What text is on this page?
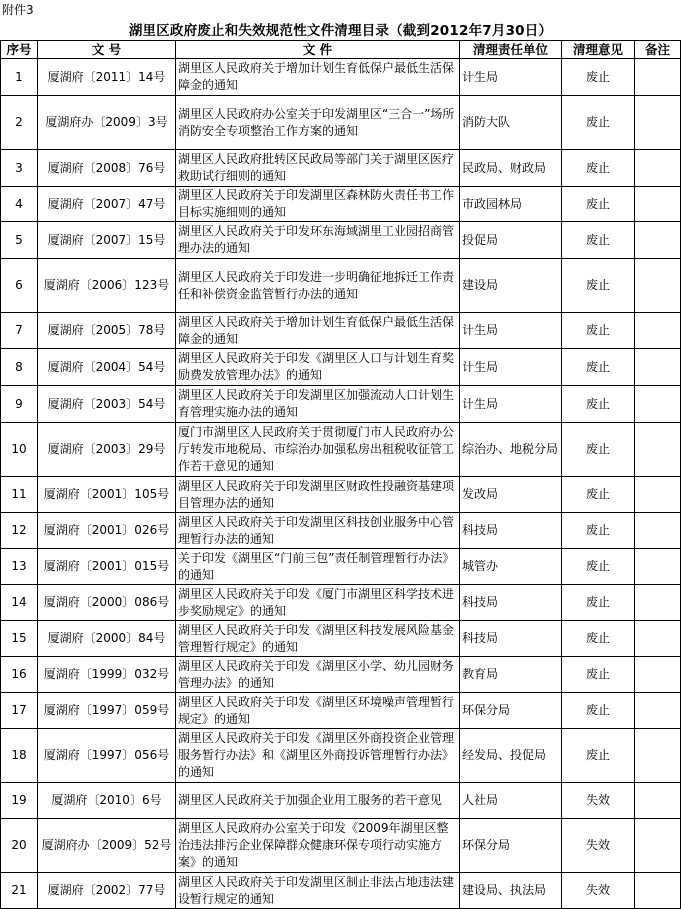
附件3
湖里区政府废止和失效规范性文件清理目录（截到2012年7月30日）
序号	文 号	文 件	清理责任单位	清理意见	备注
1	厦湖府〔2011〕14号	湖里区人民政府关于增加计划生育低保户最低生活保障金的通知	计生局	废止	
2	厦湖府办〔2009〕3号	湖里区人民政府办公室关于印发湖里区“三合一”场所消防安全专项整治工作方案的通知	消防大队	废止	
3	厦湖府〔2008〕76号	湖里区人民政府批转区民政局等部门关于湖里区医疗救助试行细则的通知	民政局、财政局	废止	
4	厦湖府〔2007〕47号	湖里区人民政府关于印发湖里区森林防火责任书工作目标实施细则的通知	市政园林局	废止	
5	厦湖府〔2007〕15号	湖里区人民政府关于印发环东海域湖里工业园招商管理办法的通知	投促局	废止	
6	厦湖府〔2006〕123号	湖里区人民政府关于印发进一步明确征地拆迁工作责任和补偿资金监管暂行办法的通知	建设局	废止	
7	厦湖府〔2005〕78号	湖里区人民政府关于增加计划生育低保户最低生活保障金的通知	计生局	废止	
8	厦湖府〔2004〕54号	湖里区人民政府关于印发《湖里区人口与计划生育奖励费发放管理办法》的通知	计生局	废止	
9	厦湖府〔2003〕54号	湖里区人民政府关于印发湖里区加强流动人口计划生育管理实施办法的通知	计生局	废止	
10	厦湖府〔2003〕29号	厦门市湖里区人民政府关于贯彻厦门市人民政府办公厅转发市地税局、市综治办加强私房出租税收征管工作若干意见的通知	综治办、地税分局	废止	
11	厦湖府〔2001〕105号	湖里区人民政府关于印发湖里区财政性投融资基建项目管理办法的通知	发改局	废止	
12	厦湖府〔2001〕026号	湖里区人民政府关于印发湖里区科技创业服务中心管理暂行办法的通知	科技局	废止	
13	厦湖府〔2001〕015号	关于印发《湖里区“门前三包”责任制管理暂行办法》的通知	城管办	废止	
14	厦湖府〔2000〕086号	湖里区人民政府关于印发《厦门市湖里区科学技术进步奖励规定》的通知	科技局	废止	
15	厦湖府〔2000〕84号	湖里区人民政府关于印发《湖里区科技发展风险基金管理暂行规定》的通知	科技局	废止	
16	厦湖府〔1999〕032号	湖里区人民政府关于印发《湖里区小学、幼儿园财务管理办法》的通知	教育局	废止	
17	厦湖府〔1997〕059号	湖里区人民政府关于印发《湖里区环境噪声管理暂行规定》的通知	环保分局	废止	
18	厦湖府〔1997〕056号	湖里区人民政府关于印发《湖里区外商投资企业管理服务暂行办法》和《湖里区外商投诉管理暂行办法》的通知	经发局、投促局	废止	
19	厦湖府〔2010〕6号	湖里区人民政府关于加强企业用工服务的若干意见	人社局	失效	
20	厦湖府办〔2009〕52号	湖里区人民政府办公室关于印发《2009年湖里区整治违法排污企业保障群众健康环保专项行动实施方案》的通知	环保分局	失效	
21	厦湖府〔2002〕77号	湖里区人民政府关于印发湖里区制止非法占地违法建设暂行规定的通知	建设局、执法局	失效	
